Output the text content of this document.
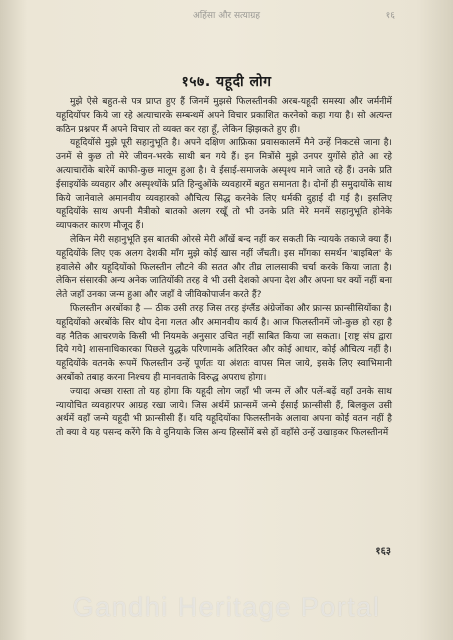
अहिंसा और सत्याग्रह	१६
१५७. यहूदी लोग

मुझे ऐसे बहुत-से पत्र प्राप्त हुए हैं जिनमें मुझसे फिलस्तीनकी अरब-यहूदी समस्या और जर्मनीमें यहूदियोंपर किये जा रहे अत्याचारके सम्बन्धमें अपने विचार प्रकाशित करनेको कहा गया है। सो अत्यन्त कठिन प्रश्नपर मैं अपने विचार तो व्यक्त कर रहा हूँ, लेकिन झिझकते हुए ही।

यहूदियोंसे मुझे पूरी सहानुभूति है। अपने दक्षिण आफ्रिका प्रवासकालमें मैने उन्हें निकटसे जाना है। उनमें से कुछ तो मेरे जीवन-भरके साथी बन गये हैं। इन मित्रोंसे मुझे उनपर युगोंसे होते आ रहे अत्याचारोंके बारेमें काफी-कुछ मालूम हुआ है। वे ईसाई-समाजके अस्पृश्य माने जाते रहे हैं। उनके प्रति ईसाइयोंके व्यवहार और अस्पृश्योंके प्रति हिन्दुओंके व्यवहारमें बहुत समानता है। दोनों ही समुदायोंके साथ किये जानेवाले अमानवीय व्यवहारको औचित्य सिद्ध करनेके लिए धर्मकी दुहाई दी गई है। इसलिए यहूदियोंके साथ अपनी मैत्रीको बातको अलग रखूँ तो भी उनके प्रति मेरे मनमें सहानुभूति होनेके व्यापकतर कारण मौजूद हैं।

लेकिन मेरी सहानुभूति इस बातकी ओरसे मेरी आँखें बन्द नहीं कर सकती कि न्यायके तकाजे क्या हैं। यहूदियोंके लिए एक अलग देशकी माँग मुझे कोई खास नहीं जँचती। इस माँगका समर्थन 'बाइबिल' के हवालेसे और यहूदियोंको फिलस्तीन लौटने की सतत और तीव्र लालसाकी चर्चा करके किया जाता है। लेकिन संसारकी अन्य अनेक जातियोंकी तरह वे भी उसी देशको अपना देश और अपना घर क्यों नहीं बना लेते जहाँ उनका जन्म हुआ और जहाँ वे जीविकोपार्जन करते हैं?

फिलस्तीन अरबोंका है — ठीक उसी तरह जिस तरह इंग्लैंड अंग्रेजोंका और फ्रान्स फ्रान्सीसियोंका है। यहूदियोंको अरबोंके सिर थोप देना गलत और अमानवीय कार्य है। आज फिलस्तीनमें जो-कुछ हो रहा है वह नैतिक आचरणके किसी भी नियमके अनुसार उचित नहीं साबित किया जा सकता। [राष्ट्र संघ द्वारा दिये गये] शासनाधिकारका पिछले युद्धके परिणामके अतिरिक्त और कोई आधार, कोई औचित्य नहीं है। यहूदियोंके वतनके रूपमें फिलस्तीन उन्हें पूर्णतः या अंशतः वापस मिल जाये, इसके लिए स्वाभिमानी अरबोंको तबाह करना निश्चय ही मानवताके विरुद्ध अपराध होगा।

ज्यादा अच्छा रास्ता तो यह होगा कि यहूदी लोग जहाँ भी जन्म लें और पलें-बढ़ें वहाँ उनके साथ न्यायोचित व्यवहारपर आग्रह रखा जाये। जिस अर्थमें फ्रान्समें जन्मे ईसाई फ्रान्सीसी हैं, बिलकुल उसी अर्थमें वहाँ जन्मे यहूदी भी फ्रान्सीसी हैं। यदि यहूदियोंका फिलस्तीनके अलावा अपना कोई वतन नहीं है तो क्या वे यह पसन्द करेंगे कि वे दुनियाके जिस अन्य हिस्सोंमें बसे हों वहाँसे उन्हें उखाड़कर फिलस्तीनमें

१६३
Gandhi Heritage Portal
